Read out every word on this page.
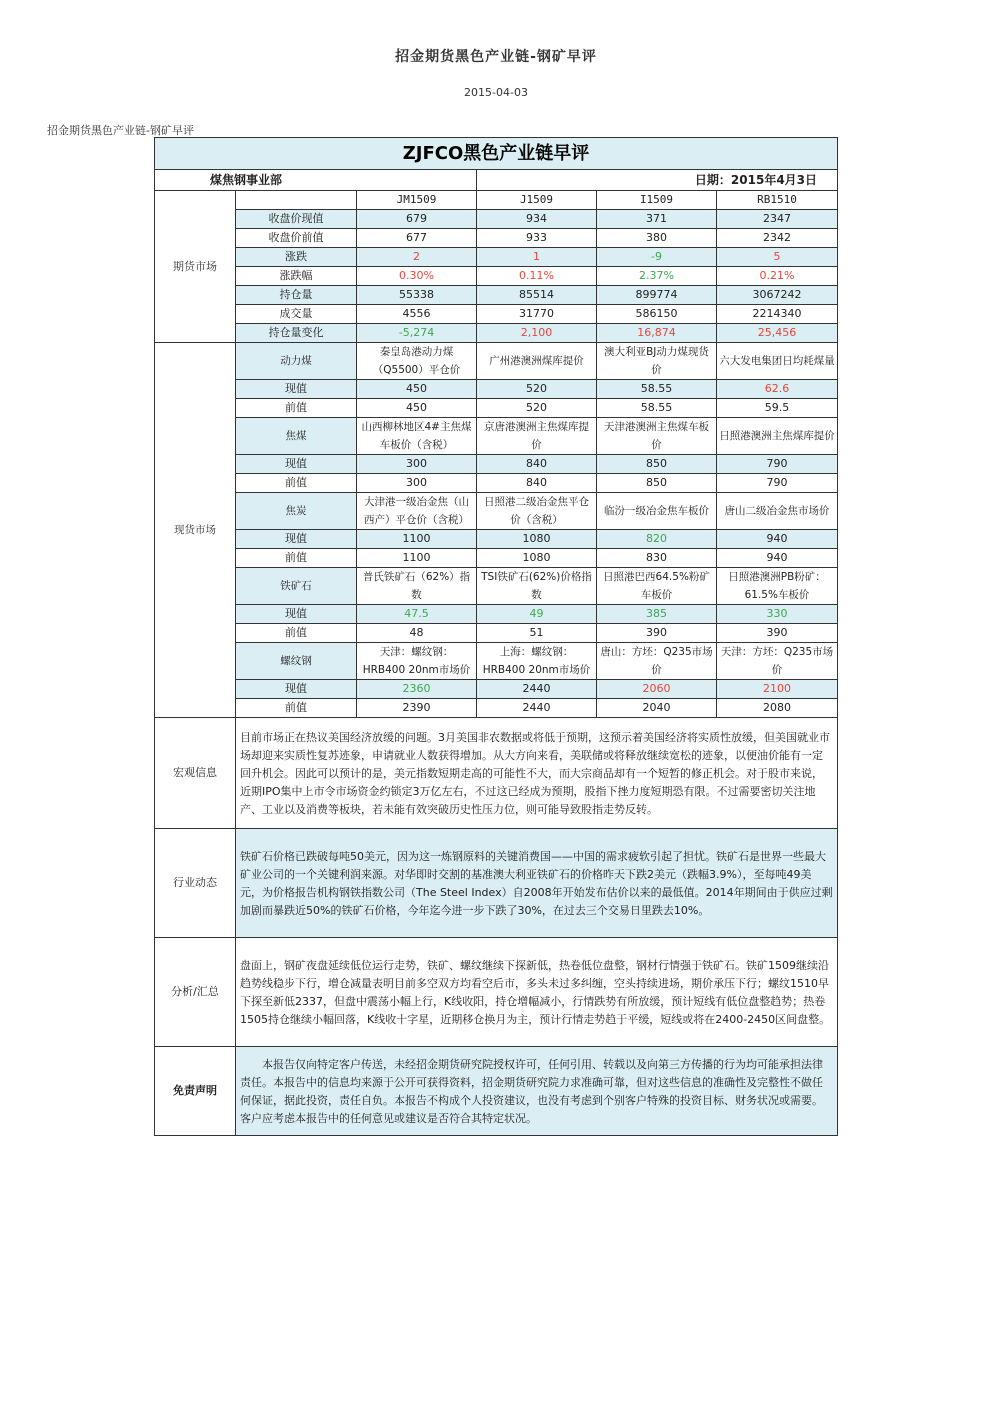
招金期货黑色产业链-钢矿早评
2015-04-03
招金期货黑色产业链-钢矿早评
ZJFCO黑色产业链早评					
煤焦钢事业部			日期：2015年4月3日		
期货市场		JM1509	J1509	I1509	RB1510
	收盘价现值	679	934	371	2347
	收盘价前值	677	933	380	2342
	涨跌	2	1	-9	5
	涨跌幅	0.30%	0.11%	2.37%	0.21%
	持仓量	55338	85514	899774	3067242
	成交量	4556	31770	586150	2214340
	持仓量变化	-5,274	2,100	16,874	25,456
现货市场	动力煤	秦皇岛港动力煤（Q5500）平仓价	广州港澳洲煤库提价	澳大利亚BJ动力煤现货价	六大发电集团日均耗煤量
	现值	450	520	58.55	62.6
	前值	450	520	58.55	59.5
	焦煤	山西柳林地区4#主焦煤车板价（含税）	京唐港澳洲主焦煤库提价	天津港澳洲主焦煤车板价	日照港澳洲主焦煤库提价
	现值	300	840	850	790
	前值	300	840	850	790
	焦炭	大津港一级冶金焦（山西产）平仓价（含税）	日照港二级冶金焦平仓价（含税）	临汾一级冶金焦车板价	唐山二级冶金焦市场价
	现值	1100	1080	820	940
	前值	1100	1080	830	940
	铁矿石	普氏铁矿石（62%）指数	TSI铁矿石(62%)价格指数	日照港巴西64.5%粉矿车板价	日照港澳洲PB粉矿：61.5%车板价
	现值	47.5	49	385	330
	前值	48	51	390	390
	螺纹钢	天津：螺纹钢：HRB400 20nm市场价	上海：螺纹钢：HRB400 20nm市场价	唐山：方坯：Q235市场价	天津：方坯：Q235市场价
	现值	2360	2440	2060	2100
	前值	2390	2440	2040	2080
宏观信息	目前市场正在热议美国经济放缓的问题。3月美国非农数据或将低于预期，这预示着美国经济将实质性放缓，但美国就业市场却迎来实质性复苏迹象，申请就业人数获得增加。从大方向来看，美联储或将释放继续宽松的迹象，以便油价能有一定回升机会。因此可以预计的是，美元指数短期走高的可能性不大，而大宗商品却有一个短暂的修正机会。对于股市来说，近期IPO集中上市令市场资金约锁定3万亿左右，不过这已经成为预期，股指下挫力度短期恐有限。不过需要密切关注地产、工业以及消费等板块，若未能有效突破历史性压力位，则可能导致股指走势反转。				
行业动态	铁矿石价格已跌破每吨50美元，因为这一炼钢原料的关键消费国——中国的需求疲软引起了担忧。铁矿石是世界一些最大矿业公司的一个关键利润来源。对华即时交割的基准澳大利亚铁矿石的价格昨天下跌2美元（跌幅3.9%），至每吨49美元，为价格报告机构钢铁指数公司（The Steel Index）自2008年开始发布估价以来的最低值。2014年期间由于供应过剩加剧而暴跌近50%的铁矿石价格，今年迄今进一步下跌了30%，在过去三个交易日里跌去10%。				
分析/汇总	盘面上，钢矿夜盘延续低位运行走势，铁矿、螺纹继续下探新低，热卷低位盘整，钢材行情强于铁矿石。铁矿1509继续沿趋势线稳步下行，增仓减量表明目前多空双方均看空后市，多头未过多纠缠，空头持续进场，期价承压下行；螺纹1510早下探至新低2337，但盘中震荡小幅上行，K线收阳，持仓增幅减小，行情跌势有所放缓，预计短线有低位盘整趋势；热卷1505持仓继续小幅回落，K线收十字星，近期移仓换月为主，预计行情走势趋于平缓，短线或将在2400-2450区间盘整。				
免责声明	本报告仅向特定客户传送，未经招金期货研究院授权许可，任何引用、转载以及向第三方传播的行为均可能承担法律责任。本报告中的信息均来源于公开可获得资料，招金期货研究院力求准确可靠，但对这些信息的准确性及完整性不做任何保证，据此投资，责任自负。本报告不构成个人投资建议，也没有考虑到个别客户特殊的投资目标、财务状况或需要。客户应考虑本报告中的任何意见或建议是否符合其特定状况。				
